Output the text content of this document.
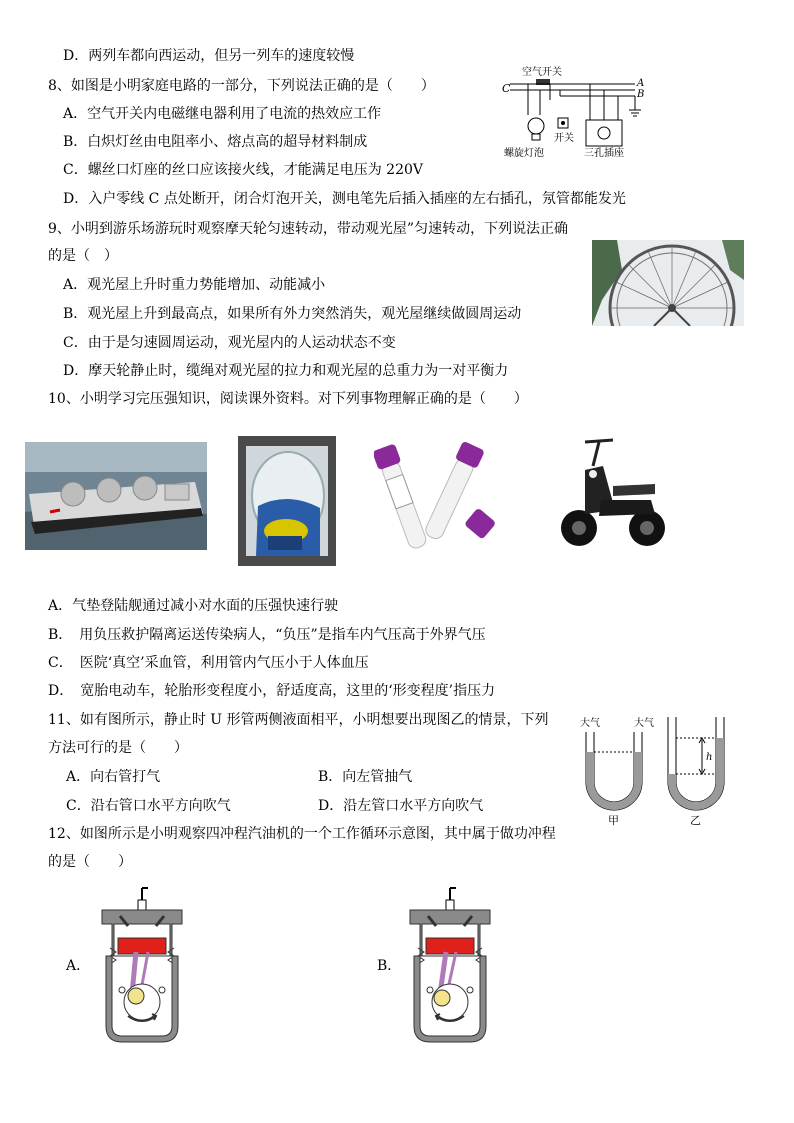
D．两列车都向西运动，但另一列车的速度较慢
8、如图是小明家庭电路的一部分，下列说法正确的是（　　）
A．空气开关内电磁继电器利用了电流的热效应工作
B．白炽灯丝由电阻率小、熔点高的超导材料制成
C．螺丝口灯座的丝口应该接火线，才能满足电压为 220V
D．入户零线 C 点处断开，闭合灯泡开关，测电笔先后插入插座的左右插孔，氖管都能发光
空气开关
C	A
B
开关
螺旋灯泡	三孔插座
9、小明到游乐场游玩时观察摩天轮匀速转动，带动观光屋”匀速转动，下列说法正确
的是（　）
A．观光屋上升时重力势能增加、动能减小
B．观光屋上升到最高点，如果所有外力突然消失，观光屋继续做圆周运动
C．由于是匀速圆周运动，观光屋内的人运动状态不变
D．摩天轮静止时，缆绳对观光屋的拉力和观光屋的总重力为一对平衡力
10、小明学习完压强知识，阅读课外资料。对下列事物理解正确的是（　　）
A．气垫登陆舰通过减小对水面的压强快速行驶
B．　用负压救护隔离运送传染病人，“负压”是指车内气压高于外界气压
C．　医院‘真空’采血管，利用管内气压小于人体血压
D．　宽胎电动车，轮胎形变程度小，舒适度高，这里的‘形变程度’指压力
11、如有图所示，静止时 U 形管两侧液面相平，小明想要出现图乙的情景，下列
方法可行的是（　　）
A．向右管打气	B．向左管抽气
C．沿右管口水平方向吹气	D．沿左管口水平方向吹气
大气	大气
甲
h
乙
12、如图所示是小明观察四冲程汽油机的一个工作循环示意图，其中属于做功冲程
的是（　　）
A．	B．
